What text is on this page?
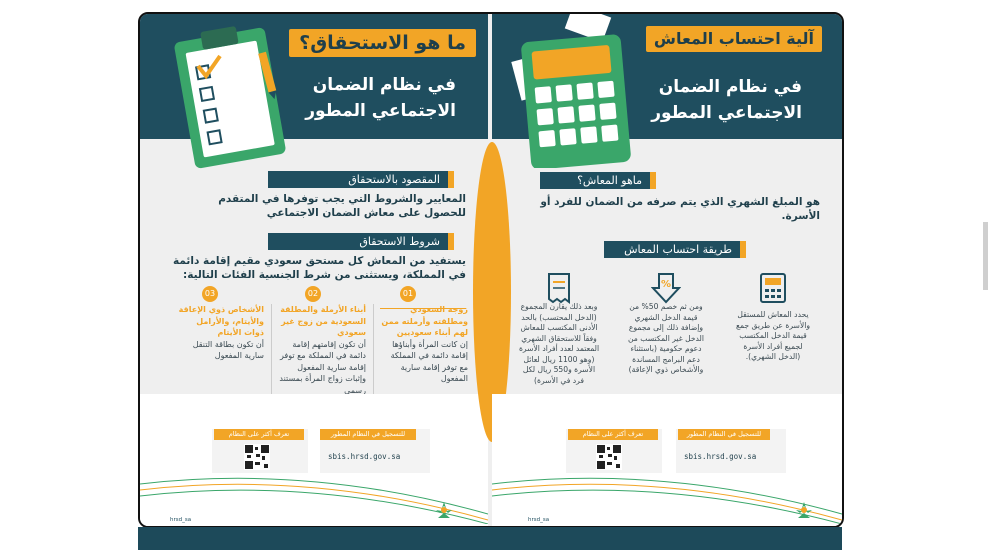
ما هو الاستحقاق؟
في نظام الضمان
الاجتماعي المطور
المقصود بالاستحقاق
المعايير والشروط التي يجب توفرها في المتقدم للحصول على معاش الضمان الاجتماعي
شروط الاستحقاق
يستفيد من المعاش كل مستحق سعودي مقيم إقامة دائمة في المملكة، ويستثنى من شرط الجنسية الفئات التالية:
01
زوجة السعودي ومطلقته وأرملته ممن لهم أبناء سعوديين
إن كانت المرأة وأبناؤها إقامة دائمة في المملكة مع توفر إقامة سارية المفعول
02
أبناء الأرملة والمطلقة السعودية من زوج غير سعودي
أن تكون إقامتهم إقامة دائمة في المملكة مع توفر إقامة سارية المفعول وإثبات زواج المرأة بمستند رسمي
03
الأشخاص ذوي الإعاقة والأيتام، والأرامل ذوات الأيتام
أن تكون بطاقة التنقل سارية المفعول
للتسجيل في النظام المطور
sbis.hrsd.gov.sa
تعرف أكثر على النظام
hrsd_sa
آلية احتساب المعاش
في نظام الضمان
الاجتماعي المطور
ماهو المعاش؟
هو المبلغ الشهري الذي يتم صرفه من الضمان للفرد أو الأسرة.
طريقة احتساب المعاش
يحدد المعاش للمستقل والأسرة عن طريق جمع قيمة الدخل المكتسب لجميع أفراد الأسرة (الدخل الشهري).
%
ومن ثم خصم 50% من قيمة الدخل الشهري وإضافة ذلك إلى مجموع الدخل غير المكتسب من دعوم حكومية (باستثناء دعم البرامج المساندة والأشخاص ذوي الإعاقة)
وبعد ذلك يقارن المجموع (الدخل المحتسب) بالحد الأدنى المكتسب للمعاش وفقاً للاستحقاق الشهري المعتمد لعدد أفراد الأسرة (وهو 1100 ريال لعائل الأسرة و550 ريال لكل فرد في الأسرة)
للتسجيل في النظام المطور
sbis.hrsd.gov.sa
تعرف أكثر على النظام
hrsd_sa
